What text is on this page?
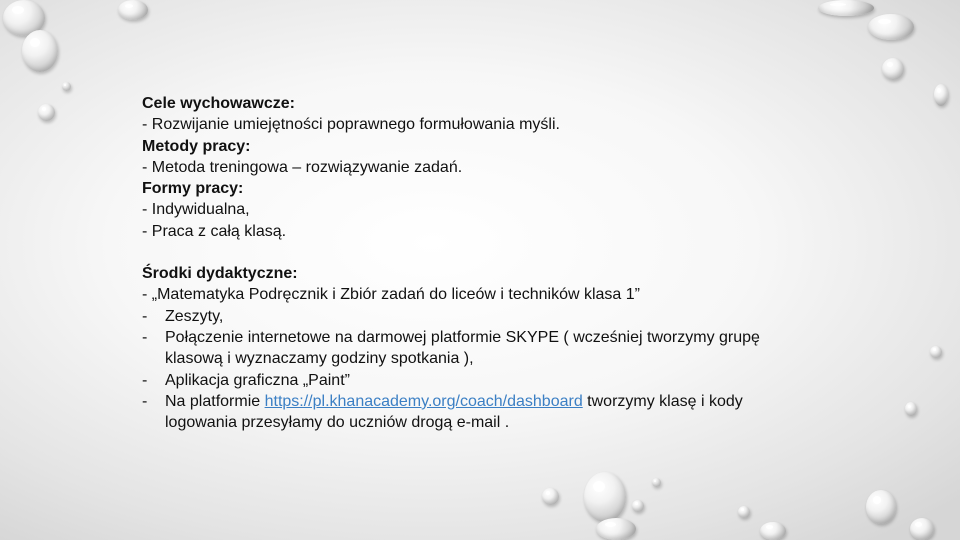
Cele wychowawcze:

- Rozwijanie umiejętności poprawnego formułowania myśli.

Metody pracy:

- Metoda treningowa – rozwiązywanie zadań.

Formy pracy:

- Indywidualna,

- Praca z całą klasą.

Środki dydaktyczne:

- „Matematyka Podręcznik i Zbiór zadań do liceów i techników klasa 1”

- Zeszyty,
- Połączenie internetowe na darmowej platformie SKYPE ( wcześniej tworzymy grupę klasową i wyznaczamy godziny spotkania ),
- Aplikacja graficzna „Paint”
- Na platformie https://pl.khanacademy.org/coach/dashboard tworzymy klasę i kody logowania przesyłamy do uczniów drogą e-mail .
